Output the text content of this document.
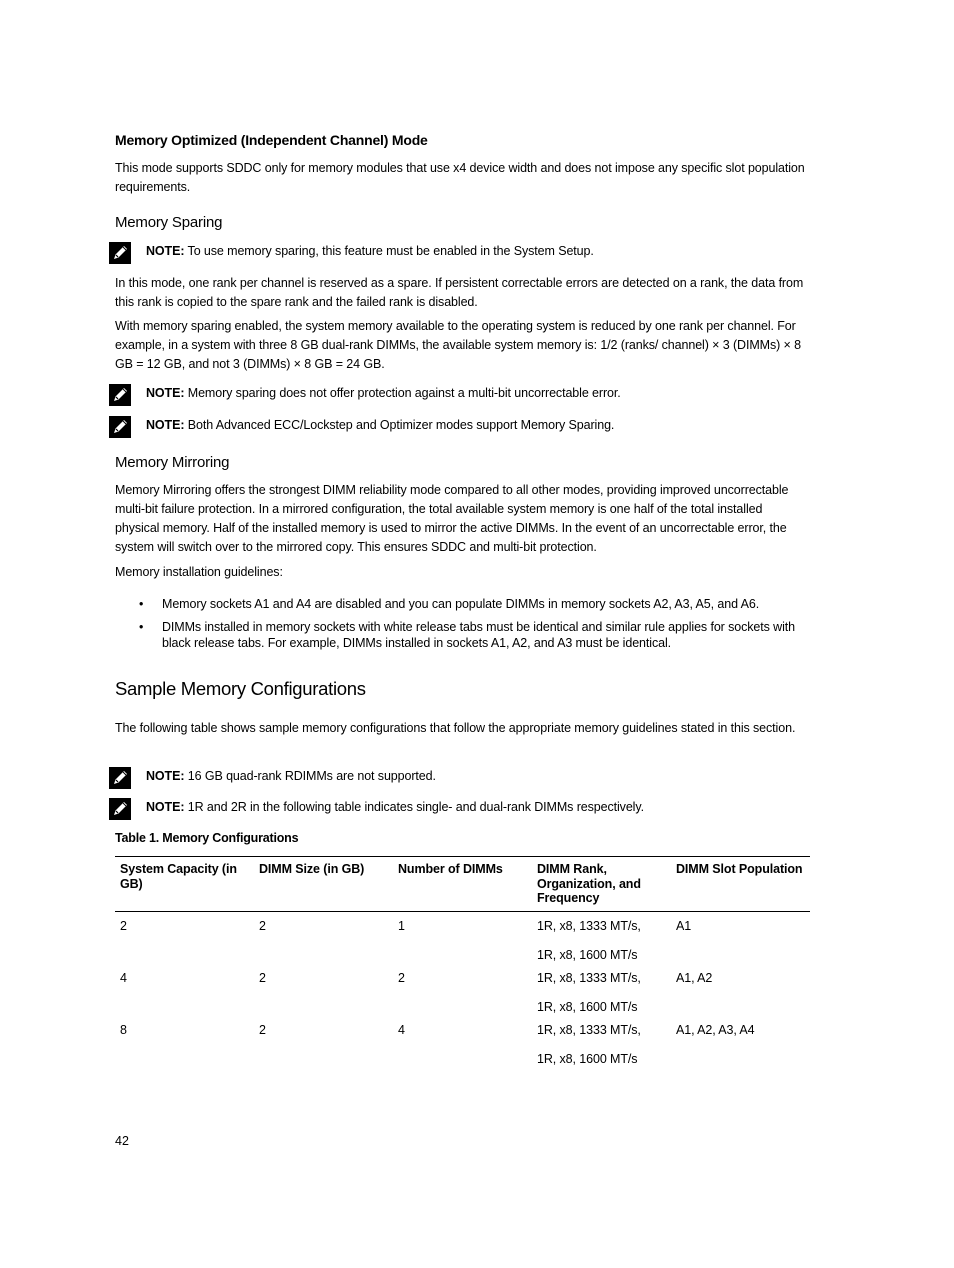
Memory Optimized (Independent Channel) Mode
This mode supports SDDC only for memory modules that use x4 device width and does not impose any specific slot population requirements.
Memory Sparing
NOTE: To use memory sparing, this feature must be enabled in the System Setup.
In this mode, one rank per channel is reserved as a spare. If persistent correctable errors are detected on a rank, the data from this rank is copied to the spare rank and the failed rank is disabled.
With memory sparing enabled, the system memory available to the operating system is reduced by one rank per channel. For example, in a system with three 8 GB dual-rank DIMMs, the available system memory is: 1/2 (ranks/ channel) × 3 (DIMMs) × 8 GB = 12 GB, and not 3 (DIMMs) × 8 GB = 24 GB.
NOTE: Memory sparing does not offer protection against a multi-bit uncorrectable error.
NOTE: Both Advanced ECC/Lockstep and Optimizer modes support Memory Sparing.
Memory Mirroring
Memory Mirroring offers the strongest DIMM reliability mode compared to all other modes, providing improved uncorrectable multi-bit failure protection. In a mirrored configuration, the total available system memory is one half of the total installed physical memory. Half of the installed memory is used to mirror the active DIMMs. In the event of an uncorrectable error, the system will switch over to the mirrored copy. This ensures SDDC and multi-bit protection.
Memory installation guidelines:
• Memory sockets A1 and A4 are disabled and you can populate DIMMs in memory sockets A2, A3, A5, and A6.
• DIMMs installed in memory sockets with white release tabs must be identical and similar rule applies for sockets with black release tabs. For example, DIMMs installed in sockets A1, A2, and A3 must be identical.
Sample Memory Configurations
The following table shows sample memory configurations that follow the appropriate memory guidelines stated in this section.
NOTE: 16 GB quad-rank RDIMMs are not supported.
NOTE: 1R and 2R in the following table indicates single- and dual-rank DIMMs respectively.
Table 1. Memory Configurations
System Capacity (in GB)	DIMM Size (in GB)	Number of DIMMs	DIMM Rank, Organization, and Frequency	DIMM Slot Population
2	2	1	1R, x8, 1333 MT/s,
1R, x8, 1600 MT/s	A1
4	2	2	1R, x8, 1333 MT/s,
1R, x8, 1600 MT/s	A1, A2
8	2	4	1R, x8, 1333 MT/s,
1R, x8, 1600 MT/s	A1, A2, A3, A4
42
